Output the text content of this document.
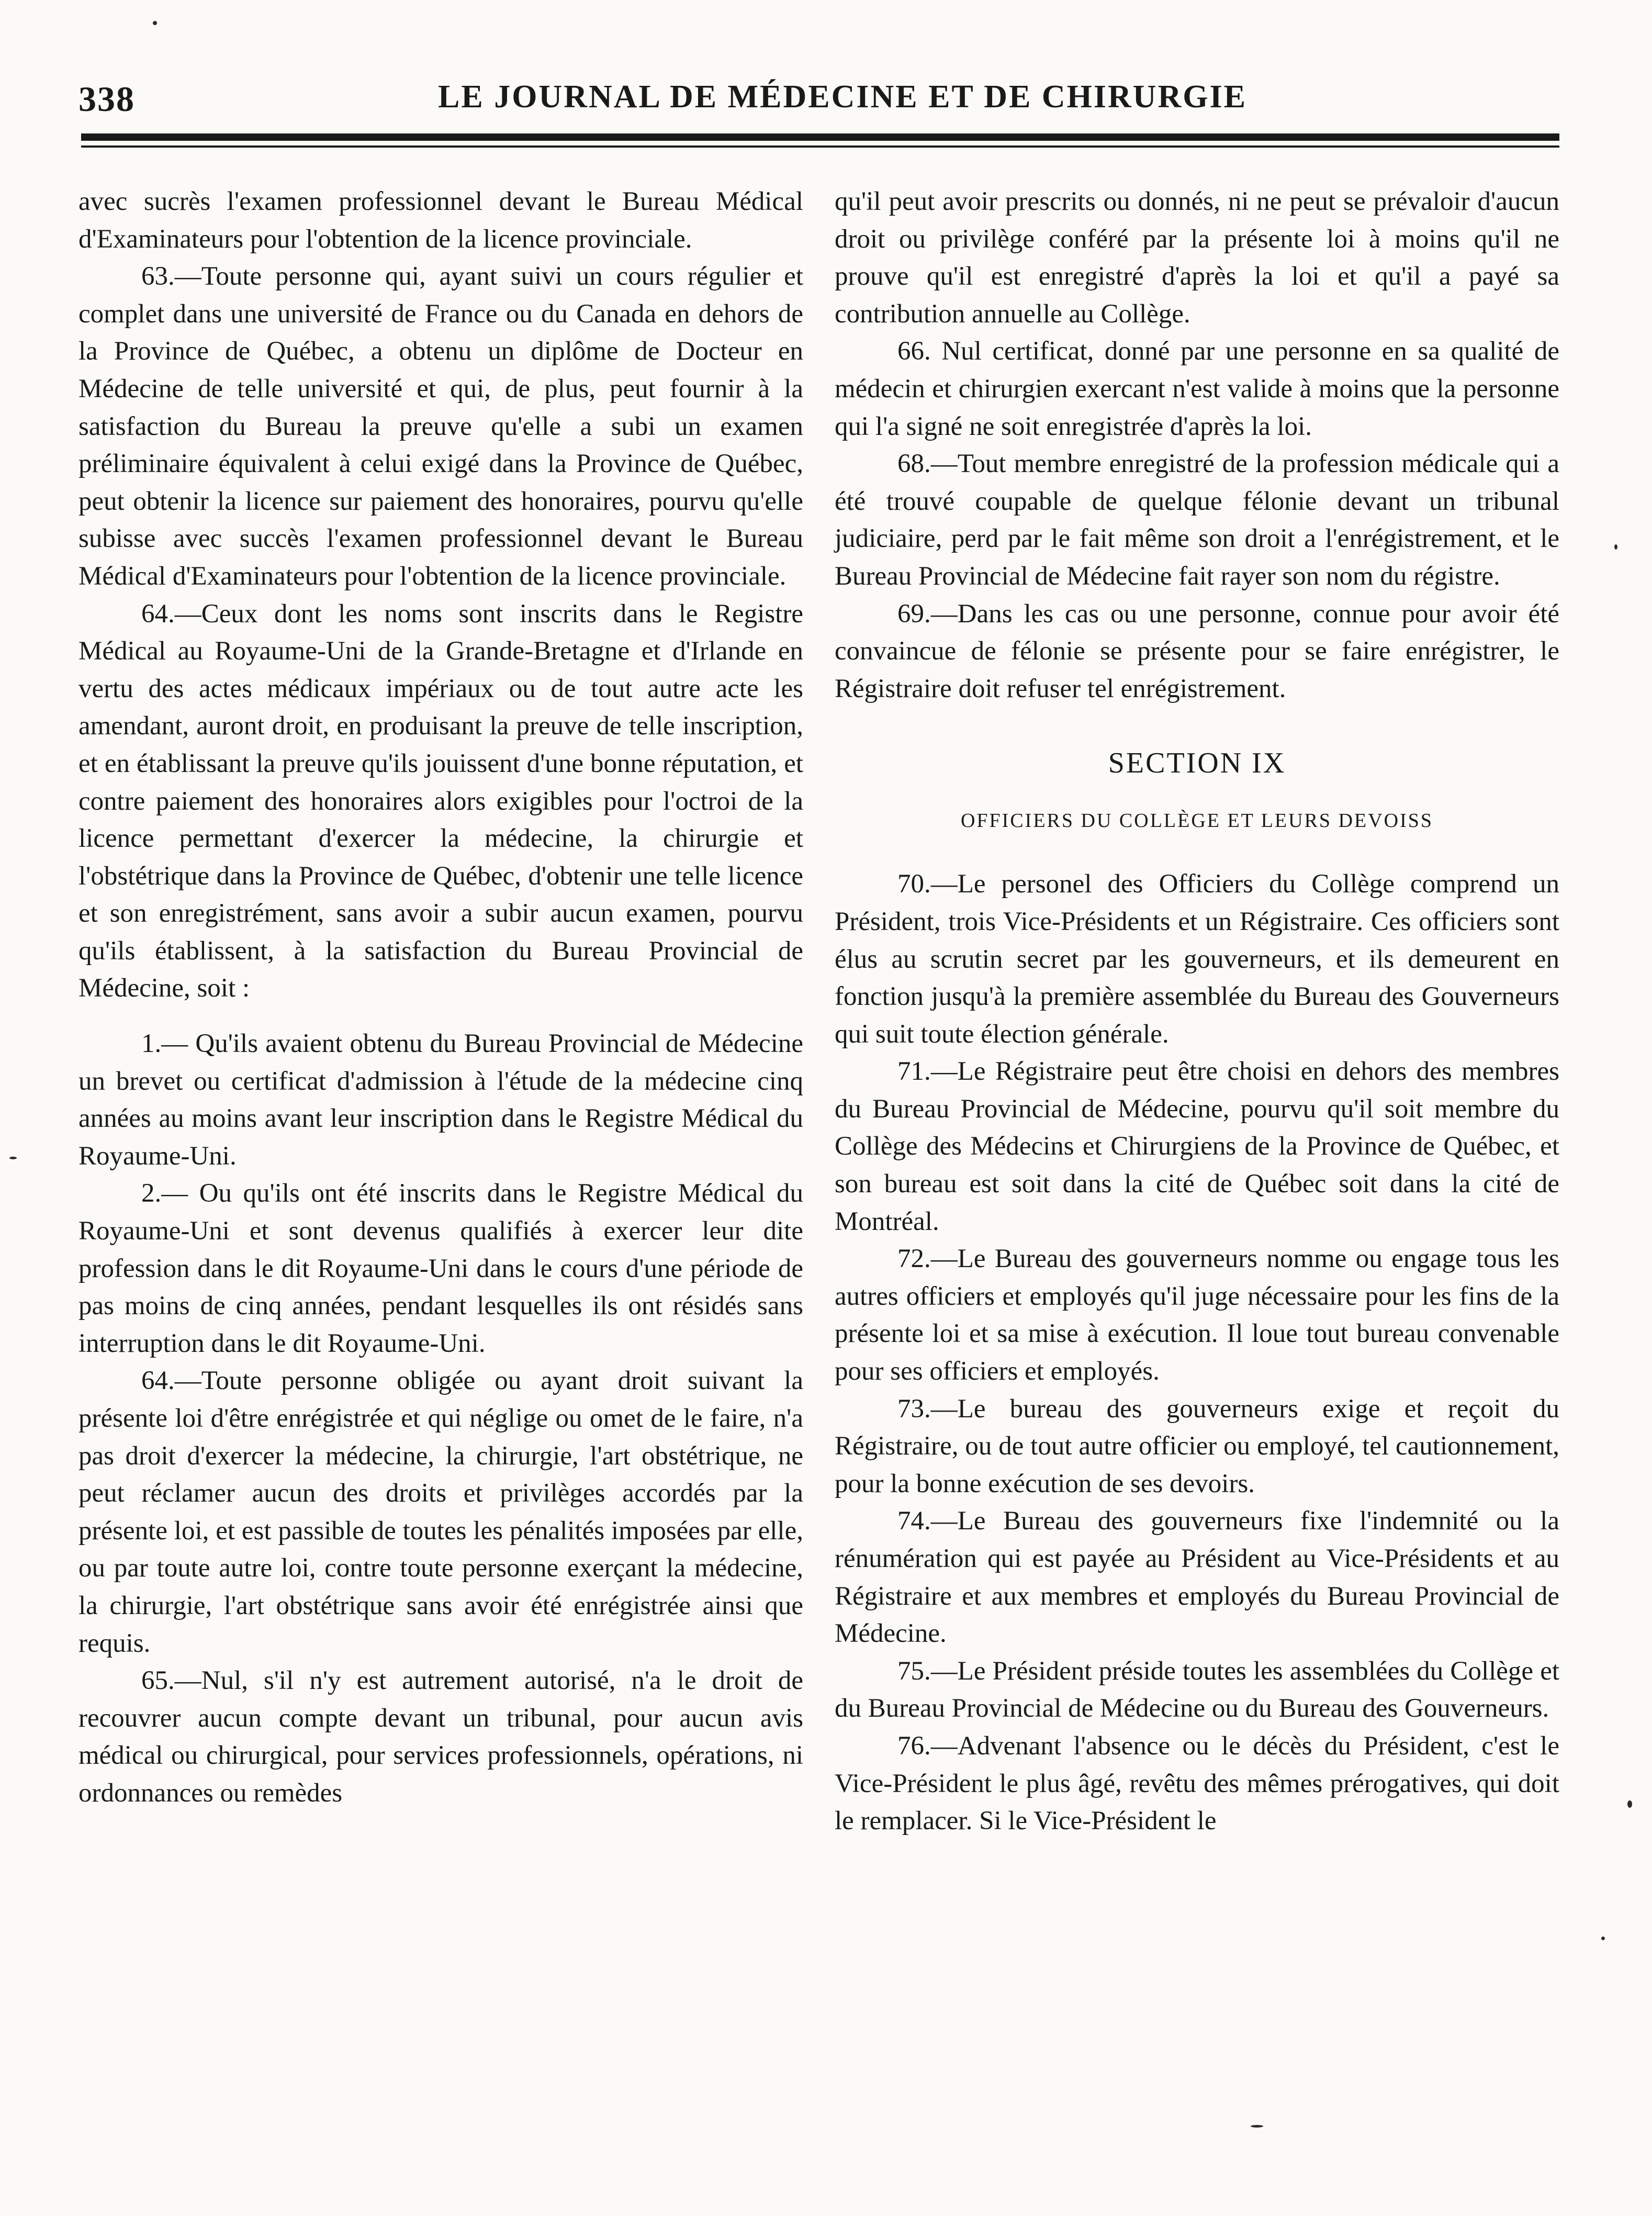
338	LE JOURNAL DE MÉDECINE ET DE CHIRURGIE

avec sucrès l'examen professionnel devant le Bureau Médical d'Examinateurs pour l'obtention de la licence provinciale.

63.—Toute personne qui, ayant suivi un cours régulier et complet dans une université de France ou du Canada en dehors de la Province de Québec, a obtenu un diplôme de Docteur en Médecine de telle université et qui, de plus, peut fournir à la satisfaction du Bureau la preuve qu'elle a subi un examen préliminaire équivalent à celui exigé dans la Province de Québec, peut obtenir la licence sur paiement des honoraires, pourvu qu'elle subisse avec succès l'examen professionnel devant le Bureau Médical d'Examinateurs pour l'obtention de la licence provinciale.

64.—Ceux dont les noms sont inscrits dans le Registre Médical au Royaume-Uni de la Grande-Bretagne et d'Irlande en vertu des actes médicaux impériaux ou de tout autre acte les amendant, auront droit, en produisant la preuve de telle inscription, et en établissant la preuve qu'ils jouissent d'une bonne réputation, et contre paiement des honoraires alors exigibles pour l'octroi de la licence permettant d'exercer la médecine, la chirurgie et l'obstétrique dans la Province de Québec, d'obtenir une telle licence et son enregistrément, sans avoir a subir aucun examen, pourvu qu'ils établissent, à la satisfaction du Bureau Provincial de Médecine, soit :

1.— Qu'ils avaient obtenu du Bureau Provincial de Médecine un brevet ou certificat d'admission à l'étude de la médecine cinq années au moins avant leur inscription dans le Registre Médical du Royaume-Uni.

2.— Ou qu'ils ont été inscrits dans le Registre Médical du Royaume-Uni et sont devenus qualifiés à exercer leur dite profession dans le dit Royaume-Uni dans le cours d'une période de pas moins de cinq années, pendant lesquelles ils ont résidés sans interruption dans le dit Royaume-Uni.

64.—Toute personne obligée ou ayant droit suivant la présente loi d'être enrégistrée et qui néglige ou omet de le faire, n'a pas droit d'exercer la médecine, la chirurgie, l'art obstétrique, ne peut réclamer aucun des droits et privilèges accordés par la présente loi, et est passible de toutes les pénalités imposées par elle, ou par toute autre loi, contre toute personne exerçant la médecine, la chirurgie, l'art obstétrique sans avoir été enrégistrée ainsi que requis.

65.—Nul, s'il n'y est autrement autorisé, n'a le droit de recouvrer aucun compte devant un tribunal, pour aucun avis médical ou chirurgical, pour services professionnels, opérations, ni ordonnances ou remèdes

qu'il peut avoir prescrits ou donnés, ni ne peut se prévaloir d'aucun droit ou privilège conféré par la présente loi à moins qu'il ne prouve qu'il est enregistré d'après la loi et qu'il a payé sa contribution annuelle au Collège.

66. Nul certificat, donné par une personne en sa qualité de médecin et chirurgien exercant n'est valide à moins que la personne qui l'a signé ne soit enregistrée d'après la loi.

68.—Tout membre enregistré de la profession médicale qui a été trouvé coupable de quelque félonie devant un tribunal judiciaire, perd par le fait même son droit a l'enrégistrement, et le Bureau Provincial de Médecine fait rayer son nom du régistre.

69.—Dans les cas ou une personne, connue pour avoir été convaincue de félonie se présente pour se faire enrégistrer, le Régistraire doit refuser tel enrégistrement.

SECTION IX
OFFICIERS DU COLLÈGE ET LEURS DEVOISS

70.—Le personel des Officiers du Collège comprend un Président, trois Vice-Présidents et un Régistraire. Ces officiers sont élus au scrutin secret par les gouverneurs, et ils demeurent en fonction jusqu'à la première assemblée du Bureau des Gouverneurs qui suit toute élection générale.

71.—Le Régistraire peut être choisi en dehors des membres du Bureau Provincial de Médecine, pourvu qu'il soit membre du Collège des Médecins et Chirurgiens de la Province de Québec, et son bureau est soit dans la cité de Québec soit dans la cité de Montréal.

72.—Le Bureau des gouverneurs nomme ou engage tous les autres officiers et employés qu'il juge nécessaire pour les fins de la présente loi et sa mise à exécution. Il loue tout bureau convenable pour ses officiers et employés.

73.—Le bureau des gouverneurs exige et reçoit du Régistraire, ou de tout autre officier ou employé, tel cautionnement, pour la bonne exécution de ses devoirs.

74.—Le Bureau des gouverneurs fixe l'indemnité ou la rénumération qui est payée au Président au Vice-Présidents et au Régistraire et aux membres et employés du Bureau Provincial de Médecine.

75.—Le Président préside toutes les assemblées du Collège et du Bureau Provincial de Médecine ou du Bureau des Gouverneurs.

76.—Advenant l'absence ou le décès du Président, c'est le Vice-Président le plus âgé, revêtu des mêmes prérogatives, qui doit le remplacer. Si le Vice-Président le
